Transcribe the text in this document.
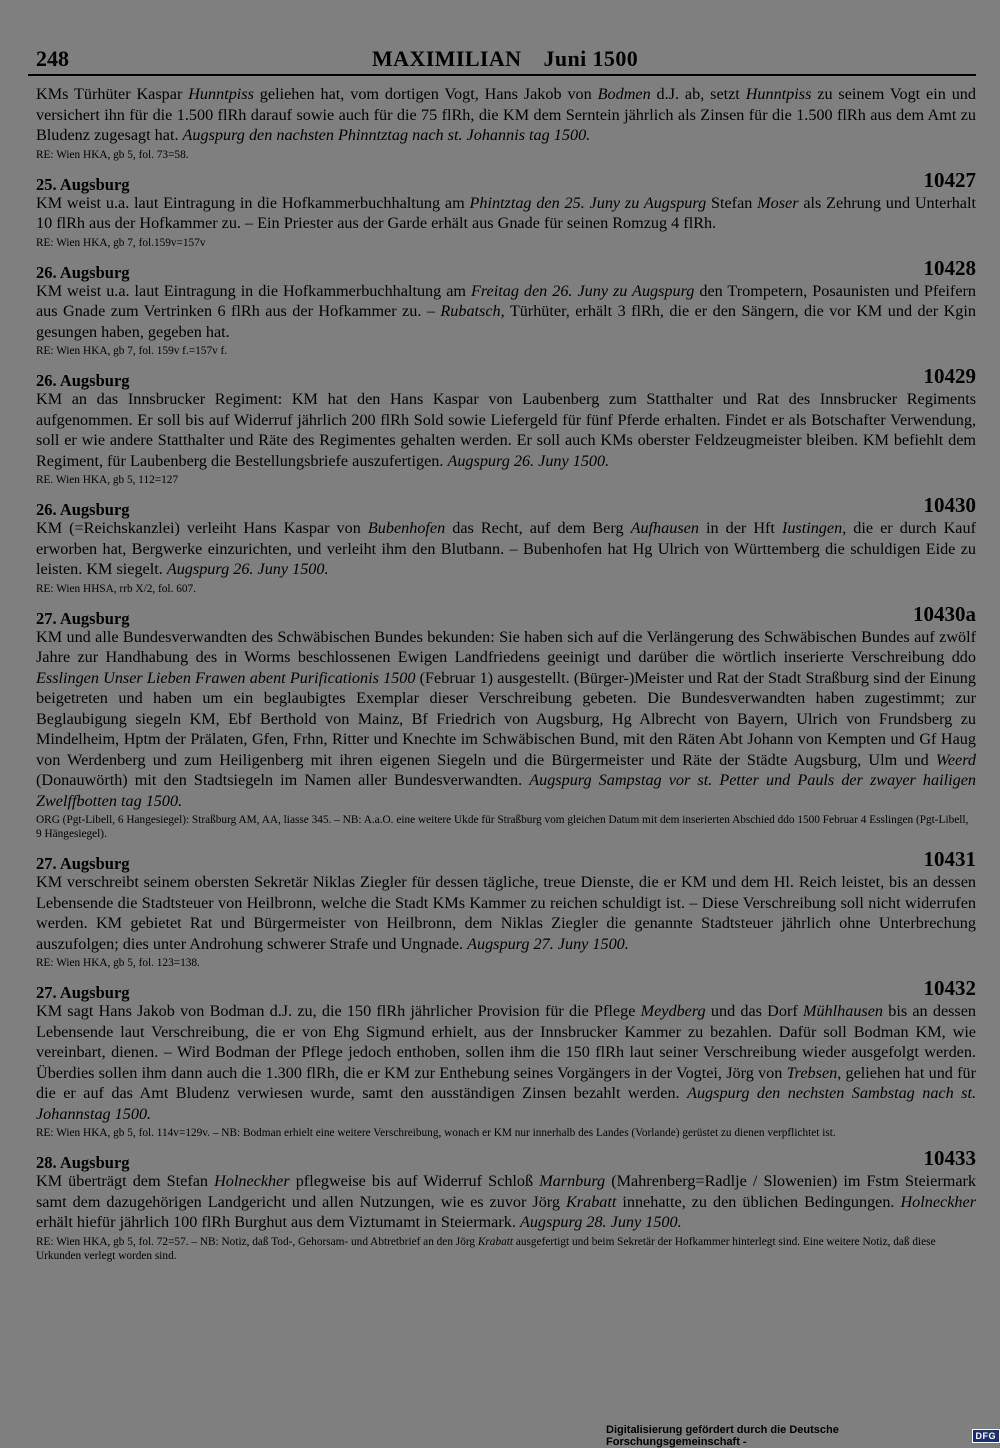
248	MAXIMILIAN Juni 1500

KMs Türhüter Kaspar Hunntpiss geliehen hat, vom dortigen Vogt, Hans Jakob von Bodmen d.J. ab, setzt Hunntpiss zu seinem Vogt ein und versichert ihn für die 1.500 flRh darauf sowie auch für die 75 flRh, die KM dem Serntein jährlich als Zinsen für die 1.500 flRh aus dem Amt zu Bludenz zugesagt hat. Augspurg den nachsten Phinntztag nach st. Johannis tag 1500.

RE: Wien HKA, gb 5, fol. 73=58.

25. Augsburg	10427

KM weist u.a. laut Eintragung in die Hofkammerbuchhaltung am Phintztag den 25. Juny zu Augspurg Stefan Moser als Zehrung und Unterhalt 10 flRh aus der Hofkammer zu. – Ein Priester aus der Garde erhält aus Gnade für seinen Romzug 4 flRh.

RE: Wien HKA, gb 7, fol.159v=157v

26. Augsburg	10428

KM weist u.a. laut Eintragung in die Hofkammerbuchhaltung am Freitag den 26. Juny zu Augspurg den Trompetern, Posaunisten und Pfeifern aus Gnade zum Vertrinken 6 flRh aus der Hofkammer zu. – Rubatsch, Türhüter, erhält 3 flRh, die er den Sängern, die vor KM und der Kgin gesungen haben, gegeben hat.

RE: Wien HKA, gb 7, fol. 159v f.=157v f.

26. Augsburg	10429

KM an das Innsbrucker Regiment: KM hat den Hans Kaspar von Laubenberg zum Statthalter und Rat des Innsbrucker Regiments aufgenommen. Er soll bis auf Widerruf jährlich 200 flRh Sold sowie Liefergeld für fünf Pferde erhalten. Findet er als Botschafter Verwendung, soll er wie andere Statthalter und Räte des Regimentes gehalten werden. Er soll auch KMs oberster Feldzeugmeister bleiben. KM befiehlt dem Regiment, für Laubenberg die Bestellungsbriefe auszufertigen. Augspurg 26. Juny 1500.

RE. Wien HKA, gb 5, 112=127

26. Augsburg	10430

KM (=Reichskanzlei) verleiht Hans Kaspar von Bubenhofen das Recht, auf dem Berg Aufhausen in der Hft Iustingen, die er durch Kauf erworben hat, Bergwerke einzurichten, und verleiht ihm den Blutbann. – Bubenhofen hat Hg Ulrich von Württemberg die schuldigen Eide zu leisten. KM siegelt. Augspurg 26. Juny 1500.

RE: Wien HHSA, rrb X/2, fol. 607.

27. Augsburg	10430a

KM und alle Bundesverwandten des Schwäbischen Bundes bekunden: Sie haben sich auf die Verlängerung des Schwäbischen Bundes auf zwölf Jahre zur Handhabung des in Worms beschlossenen Ewigen Landfriedens geeinigt und darüber die wörtlich inserierte Verschreibung ddo Esslingen Unser Lieben Frawen abent Purificationis 1500 (Februar 1) ausgestellt. (Bürger-)Meister und Rat der Stadt Straßburg sind der Einung beigetreten und haben um ein beglaubigtes Exemplar dieser Verschreibung gebeten. Die Bundesverwandten haben zugestimmt; zur Beglaubigung siegeln KM, Ebf Berthold von Mainz, Bf Friedrich von Augsburg, Hg Albrecht von Bayern, Ulrich von Frundsberg zu Mindelheim, Hptm der Prälaten, Gfen, Frhn, Ritter und Knechte im Schwäbischen Bund, mit den Räten Abt Johann von Kempten und Gf Haug von Werdenberg und zum Heiligenberg mit ihren eigenen Siegeln und die Bürgermeister und Räte der Städte Augsburg, Ulm und Weerd (Donauwörth) mit den Stadtsiegeln im Namen aller Bundesverwandten. Augspurg Sampstag vor st. Petter und Pauls der zwayer hailigen Zwelffbotten tag 1500.

ORG (Pgt-Libell, 6 Hangesiegel): Straßburg AM, AA, liasse 345. – NB: A.a.O. eine weitere Ukde für Straßburg vom gleichen Datum mit dem inserierten Abschied ddo 1500 Februar 4 Esslingen (Pgt-Libell, 9 Hängesiegel).

27. Augsburg	10431

KM verschreibt seinem obersten Sekretär Niklas Ziegler für dessen tägliche, treue Dienste, die er KM und dem Hl. Reich leistet, bis an dessen Lebensende die Stadtsteuer von Heilbronn, welche die Stadt KMs Kammer zu reichen schuldigt ist. – Diese Verschreibung soll nicht widerrufen werden. KM gebietet Rat und Bürgermeister von Heilbronn, dem Niklas Ziegler die genannte Stadtsteuer jährlich ohne Unterbrechung auszufolgen; dies unter Androhung schwerer Strafe und Ungnade. Augspurg 27. Juny 1500.

RE: Wien HKA, gb 5, fol. 123=138.

27. Augsburg	10432

KM sagt Hans Jakob von Bodman d.J. zu, die 150 flRh jährlicher Provision für die Pflege Meydberg und das Dorf Mühlhausen bis an dessen Lebensende laut Verschreibung, die er von Ehg Sigmund erhielt, aus der Innsbrucker Kammer zu bezahlen. Dafür soll Bodman KM, wie vereinbart, dienen. – Wird Bodman der Pflege jedoch enthoben, sollen ihm die 150 flRh laut seiner Verschreibung wieder ausgefolgt werden. Überdies sollen ihm dann auch die 1.300 flRh, die er KM zur Enthebung seines Vorgängers in der Vogtei, Jörg von Trebsen, geliehen hat und für die er auf das Amt Bludenz verwiesen wurde, samt den ausständigen Zinsen bezahlt werden. Augspurg den nechsten Sambstag nach st. Johannstag 1500.

RE: Wien HKA, gb 5, fol. 114v=129v. – NB: Bodman erhielt eine weitere Verschreibung, wonach er KM nur innerhalb des Landes (Vorlande) gerüstet zu dienen verpflichtet ist.

28. Augsburg	10433

KM überträgt dem Stefan Holneckher pflegweise bis auf Widerruf Schloß Marnburg (Mahrenberg=Radlje / Slowenien) im Fstm Steiermark samt dem dazugehörigen Landgericht und allen Nutzungen, wie es zuvor Jörg Krabatt innehatte, zu den üblichen Bedingungen. Holneckher erhält hiefür jährlich 100 flRh Burghut aus dem Viztumamt in Steiermark. Augspurg 28. Juny 1500.

RE: Wien HKA, gb 5, fol. 72=57. – NB: Notiz, daß Tod-, Gehorsam- und Abtretbrief an den Jörg Krabatt ausgefertigt und beim Sekretär der Hofkammer hinterlegt sind. Eine weitere Notiz, daß diese Urkunden verlegt worden sind.

Digitalisierung gefördert durch die Deutsche Forschungsgemeinschaft -	DFG
